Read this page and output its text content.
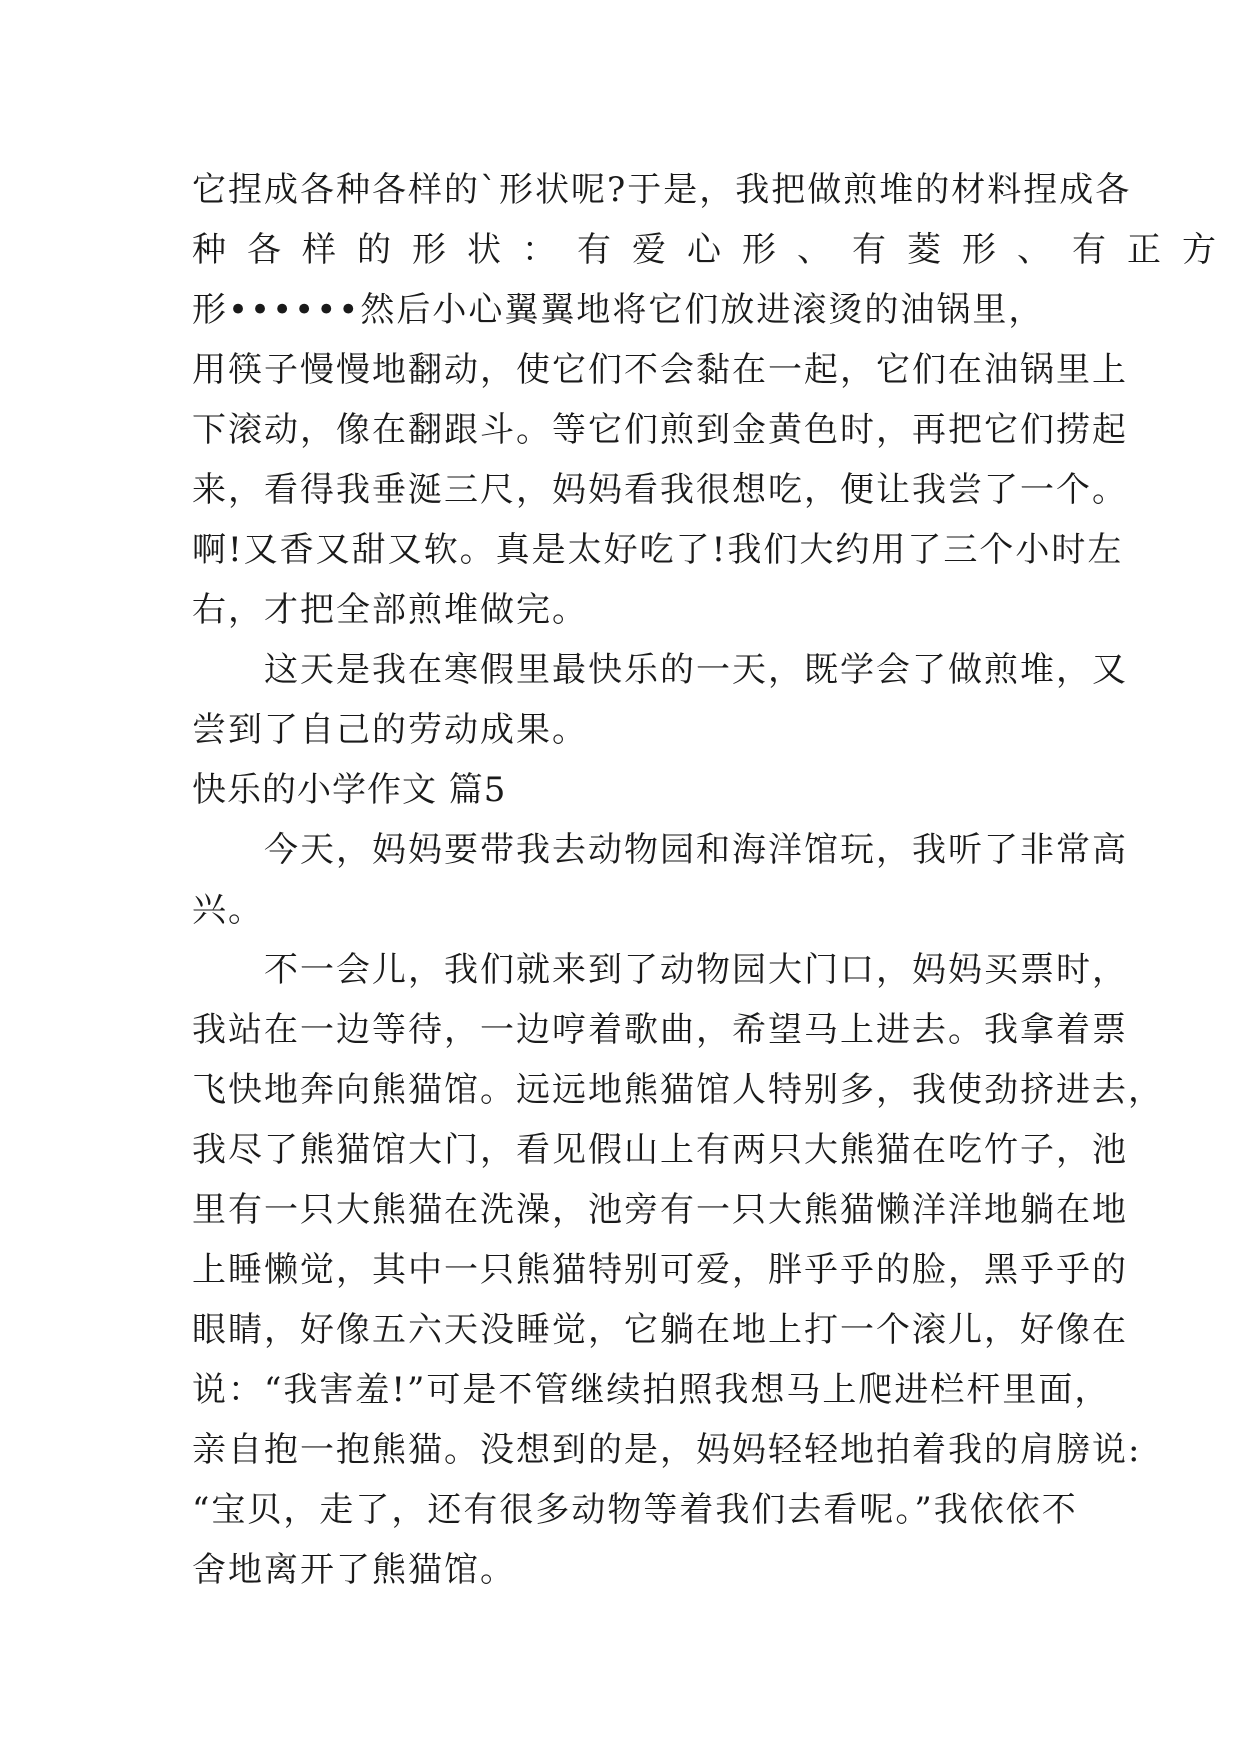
它捏成各种各样的`形状呢?于是，我把做煎堆的材料捏成各
种各样的形状：有爱心形、有菱形、有正方
形••••••然后小心翼翼地将它们放进滚烫的油锅里，
用筷子慢慢地翻动，使它们不会黏在一起，它们在油锅里上
下滚动，像在翻跟斗。等它们煎到金黄色时，再把它们捞起
来，看得我垂涎三尺，妈妈看我很想吃，便让我尝了一个。
啊!又香又甜又软。真是太好吃了!我们大约用了三个小时左
右，才把全部煎堆做完。
　　这天是我在寒假里最快乐的一天，既学会了做煎堆，又
尝到了自己的劳动成果。
快乐的小学作文 篇5
　　今天，妈妈要带我去动物园和海洋馆玩，我听了非常高
兴。
　　不一会儿，我们就来到了动物园大门口，妈妈买票时，
我站在一边等待，一边哼着歌曲，希望马上进去。我拿着票
飞快地奔向熊猫馆。远远地熊猫馆人特别多，我使劲挤进去，
我尽了熊猫馆大门，看见假山上有两只大熊猫在吃竹子，池
里有一只大熊猫在洗澡，池旁有一只大熊猫懒洋洋地躺在地
上睡懒觉，其中一只熊猫特别可爱，胖乎乎的脸，黑乎乎的
眼睛，好像五六天没睡觉，它躺在地上打一个滚儿，好像在
说：“我害羞!”可是不管继续拍照我想马上爬进栏杆里面，
亲自抱一抱熊猫。没想到的是，妈妈轻轻地拍着我的肩膀说:
“宝贝，走了，还有很多动物等着我们去看呢。”我依依不
舍地离开了熊猫馆。
